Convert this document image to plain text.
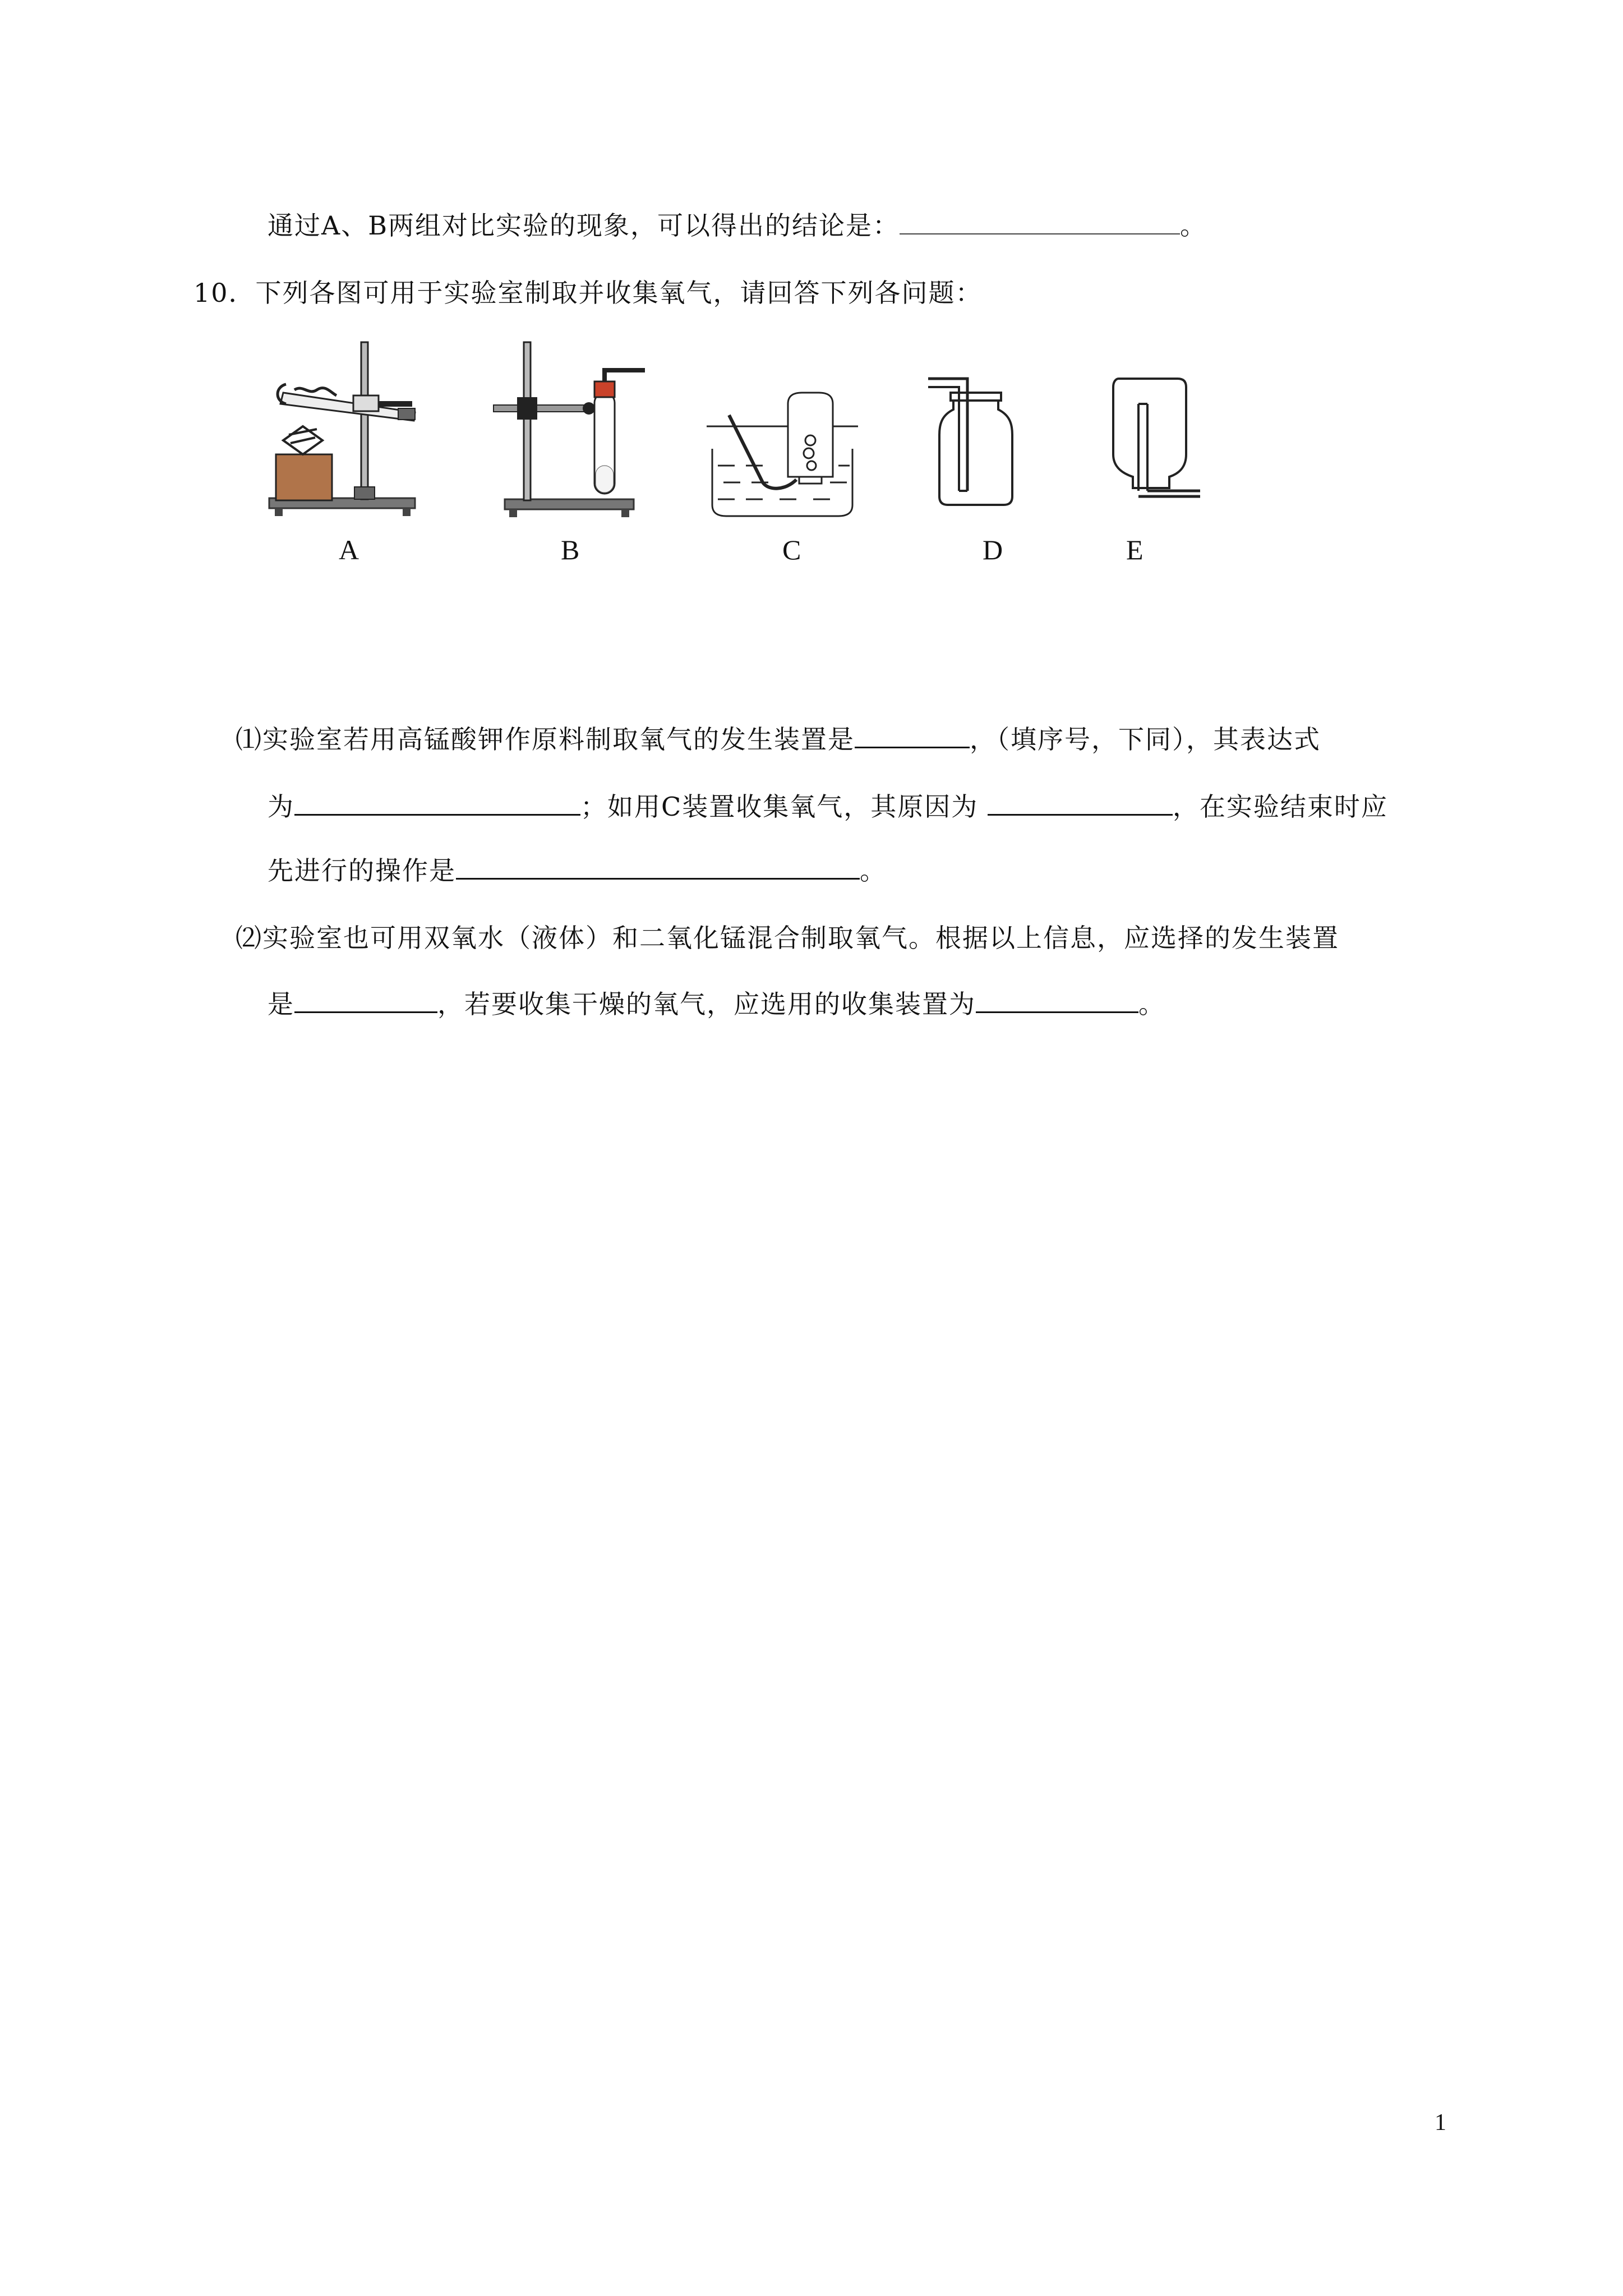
通过A、B两组对比实验的现象，可以得出的结论是：	。
10．下列各图可用于实验室制取并收集氧气，请回答下列各问题：
A	B	C	D	E
⑴实验室若用高锰酸钾作原料制取氧气的发生装置是	，（填序号，下同），其表达式
为	；如用C装置收集氧气，其原因为	，在实验结束时应
先进行的操作是	。
⑵实验室也可用双氧水（液体）和二氧化锰混合制取氧气。根据以上信息，应选择的发生装置
是	，若要收集干燥的氧气，应选用的收集装置为	。
1
